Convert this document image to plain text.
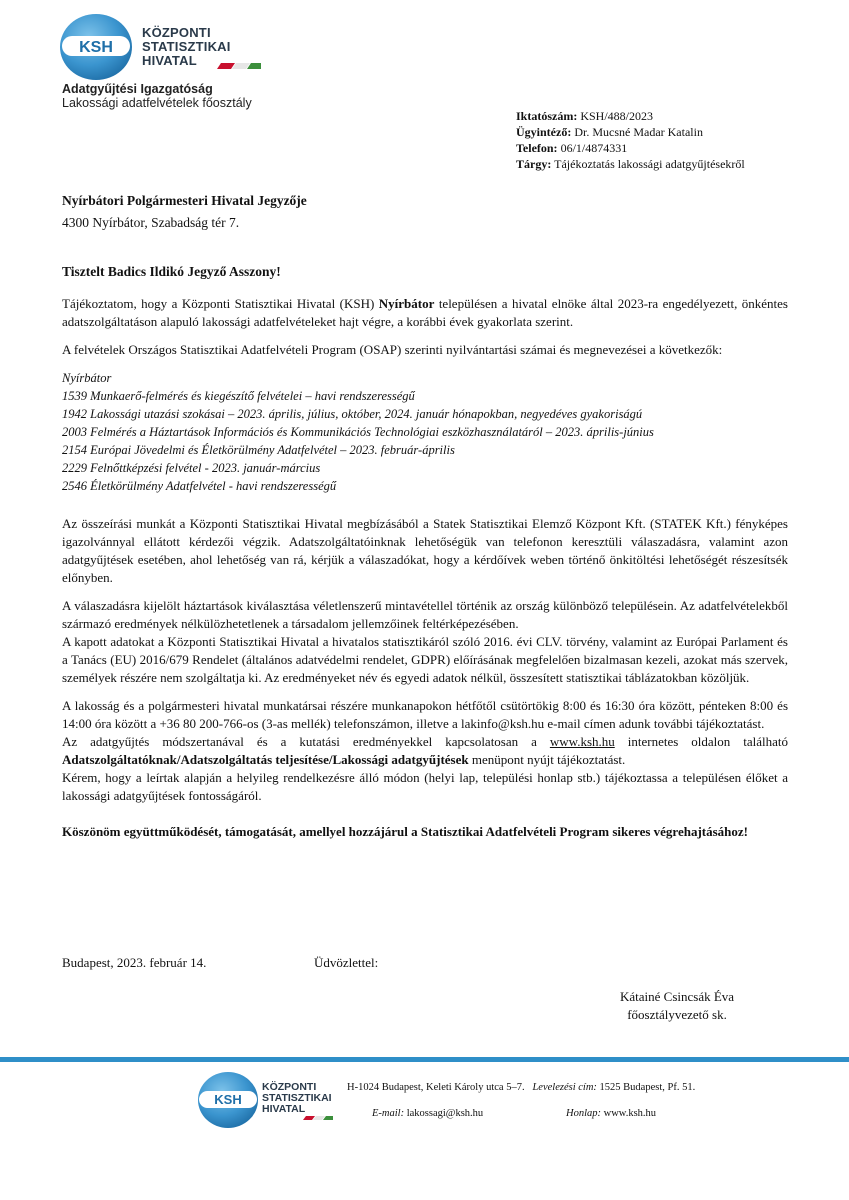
KSH
KÖZPONTI
STATISZTIKAI
HIVATAL
Adatgyűjtési Igazgatóság
Lakossági adatfelvételek főosztály
Iktatószám: KSH/488/2023
Ügyintéző: Dr. Mucsné Madar Katalin
Telefon: 06/1/4874331
Tárgy: Tájékoztatás lakossági adatgyűjtésekről
Nyírbátori Polgármesteri Hivatal Jegyzője
4300 Nyírbátor, Szabadság tér 7.
Tisztelt Badics Ildikó Jegyző Asszony!

Tájékoztatom, hogy a Központi Statisztikai Hivatal (KSH) Nyírbátor településen a hivatal elnöke által 2023-ra engedélyezett, önkéntes adatszolgáltatáson alapuló lakossági adatfelvételeket hajt végre, a korábbi évek gyakorlata szerint.

A felvételek Országos Statisztikai Adatfelvételi Program (OSAP) szerinti nyilvántartási számai és megnevezései a következők:

Nyírbátor
1539 Munkaerő-felmérés és kiegészítő felvételei – havi rendszerességű
1942 Lakossági utazási szokásai – 2023. április, július, október, 2024. január hónapokban, negyedéves gyakoriságú
2003 Felmérés a Háztartások Információs és Kommunikációs Technológiai eszközhasználatáról – 2023. április-június
2154 Európai Jövedelmi és Életkörülmény Adatfelvétel – 2023. február-április
2229 Felnőttképzési felvétel - 2023. január-március
2546 Életkörülmény Adatfelvétel - havi rendszerességű

Az összeírási munkát a Központi Statisztikai Hivatal megbízásából a Statek Statisztikai Elemző Központ Kft. (STATEK Kft.) fényképes igazolvánnyal ellátott kérdezői végzik. Adatszolgáltatóinknak lehetőségük van telefonon keresztüli válaszadásra, valamint azon adatgyűjtések esetében, ahol lehetőség van rá, kérjük a válaszadókat, hogy a kérdőívek weben történő önkitöltési lehetőségét részesítsék előnyben.

A válaszadásra kijelölt háztartások kiválasztása véletlenszerű mintavétellel történik az ország különböző településein. Az adatfelvételekből származó eredmények nélkülözhetetlenek a társadalom jellemzőinek feltérképezésében.

A kapott adatokat a Központi Statisztikai Hivatal a hivatalos statisztikáról szóló 2016. évi CLV. törvény, valamint az Európai Parlament és a Tanács (EU) 2016/679 Rendelet (általános adatvédelmi rendelet, GDPR) előírásának megfelelően bizalmasan kezeli, azokat más szervek, személyek részére nem szolgáltatja ki. Az eredményeket név és egyedi adatok nélkül, összesített statisztikai táblázatokban közöljük.

A lakosság és a polgármesteri hivatal munkatársai részére munkanapokon hétfőtől csütörtökig 8:00 és 16:30 óra között, pénteken 8:00 és 14:00 óra között a +36 80 200-766-os (3-as mellék) telefonszámon, illetve a lakinfo@ksh.hu e-mail címen adunk további tájékoztatást.

Az adatgyűjtés módszertanával és a kutatási eredményekkel kapcsolatosan a www.ksh.hu internetes oldalon található Adatszolgáltatóknak/Adatszolgáltatás teljesítése/Lakossági adatgyűjtések menüpont nyújt tájékoztatást.

Kérem, hogy a leírtak alapján a helyileg rendelkezésre álló módon (helyi lap, települési honlap stb.) tájékoztassa a településen élőket a lakossági adatgyűjtések fontosságáról.

Köszönöm együttműködését, támogatását, amellyel hozzájárul a Statisztikai Adatfelvételi Program sikeres végrehajtásához!

Budapest, 2023. február 14.	Üdvözlettel:
Kátainé Csincsák Éva
főosztályvezető sk.
KSH
KÖZPONTI
STATISZTIKAI
HIVATAL
H-1024 Budapest, Keleti Károly utca 5–7. Levelezési cím: 1525 Budapest, Pf. 51.
E-mail: lakossagi@ksh.hu	Honlap: www.ksh.hu
